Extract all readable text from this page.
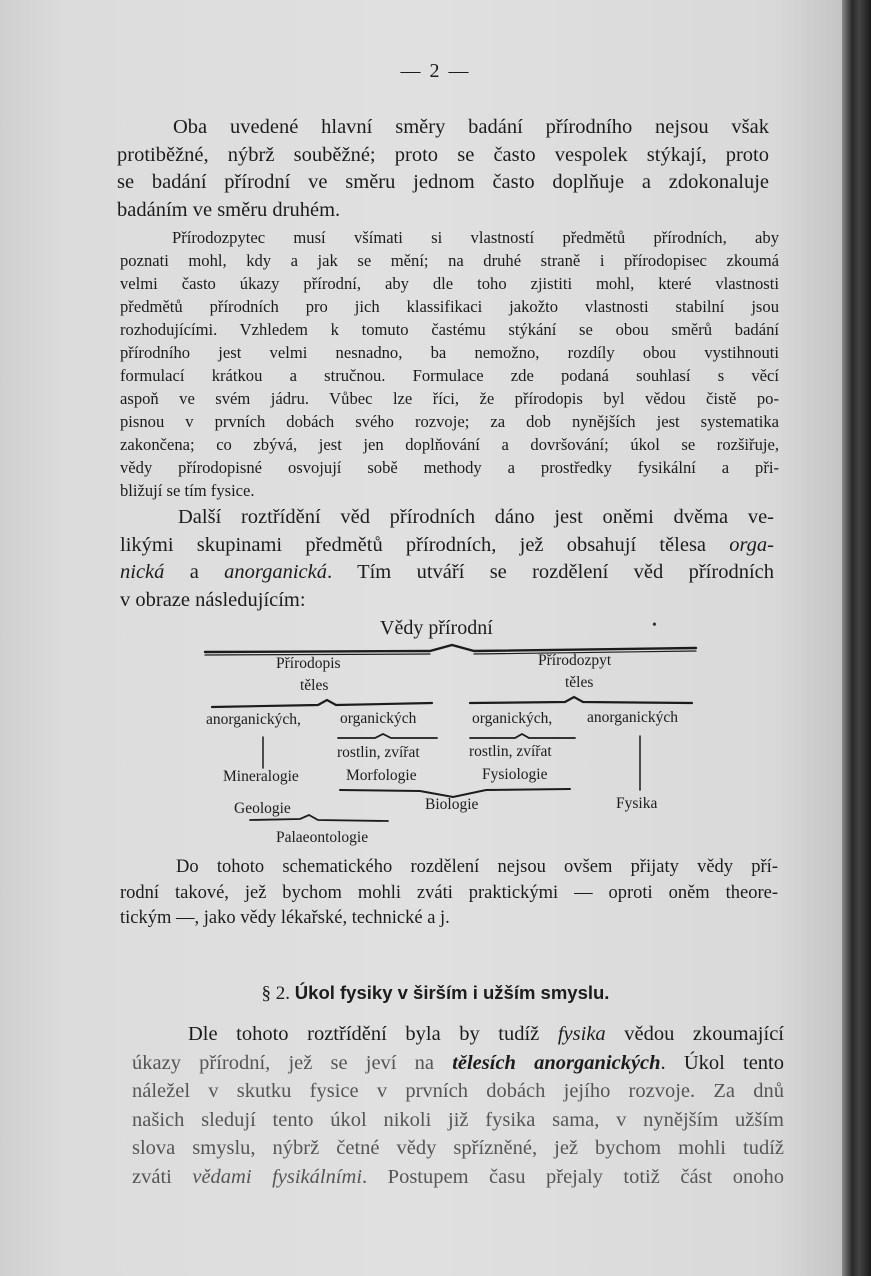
— 2 —
Oba uvedené hlavní směry badání přírodního nejsou však
protiběžné, nýbrž souběžné; proto se často vespolek stýkají, proto
se badání přírodní ve směru jednom často doplňuje a zdokonaluje
badáním ve směru druhém.
Přírodozpytec musí všímati si vlastností předmětů přírodních, aby
poznati mohl, kdy a jak se mění; na druhé straně i přírodopisec zkoumá
velmi často úkazy přírodní, aby dle toho zjistiti mohl, které vlastnosti
předmětů přírodních pro jich klassifikaci jakožto vlastnosti stabilní jsou
rozhodujícími. Vzhledem k tomuto častému stýkání se obou směrů badání
přírodního jest velmi nesnadno, ba nemožno, rozdíly obou vystihnouti
formulací krátkou a stručnou. Formulace zde podaná souhlasí s věcí
aspoň ve svém jádru. Vůbec lze říci, že přírodopis byl vědou čistě po-
pisnou v prvních dobách svého rozvoje; za dob nynějších jest systematika
zakončena; co zbývá, jest jen doplňování a dovršování; úkol se rozšiřuje,
vědy přírodopisné osvojují sobě methody a prostředky fysikální a při-
bližují se tím fysice.
Další roztřídění věd přírodních dáno jest oněmi dvěma ve-
likými skupinami předmětů přírodních, jež obsahují tělesa orga-
nická a anorganická. Tím utváří se rozdělení věd přírodních
v obraze následujícím:
Vědy přírodní	•
Přírodopis
těles
Přírodozpyt
těles
anorganických,	organických	organických, anorganických
rostlin, zvířat	rostlin, zvířat
Mineralogie	Morfologie	Fysiologie
Geologie	Biologie	Fysika
Palaeontologie
Do tohoto schematického rozdělení nejsou ovšem přijaty vědy pří-
rodní takové, jež bychom mohli zváti praktickými — oproti oněm theore-
tickým —, jako vědy lékařské, technické a j.
§ 2. Úkol fysiky v širším i užším smyslu.
Dle tohoto roztřídění byla by tudíž fysika vědou zkoumající
úkazy přírodní, jež se jeví na tělesích anorganických. Úkol tento
náležel v skutku fysice v prvních dobách jejího rozvoje. Za dnů
našich sledují tento úkol nikoli již fysika sama, v nynějším užším
slova smyslu, nýbrž četné vědy spřízněné, jež bychom mohli tudíž
zváti vědami fysikálními. Postupem času přejaly totiž část onoho
